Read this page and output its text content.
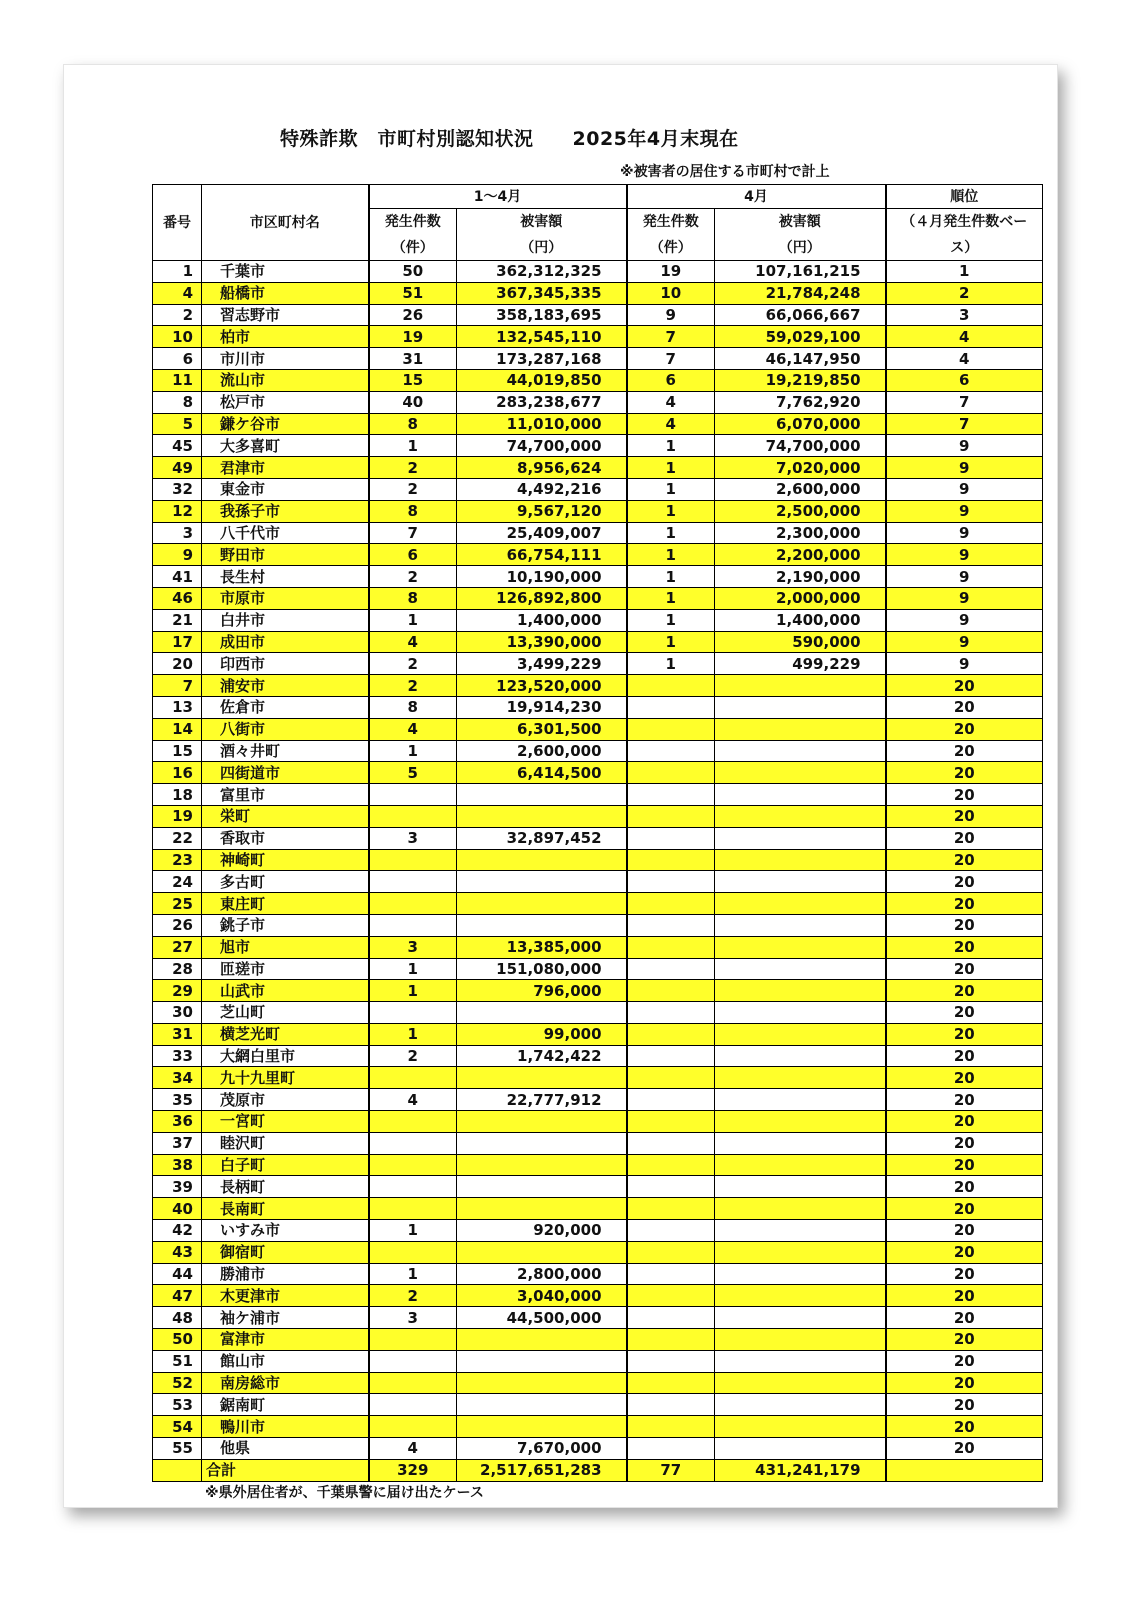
特殊詐欺　市町村別認知状況　　2025年4月末現在
※被害者の居住する市町村で計上
番号	市区町村名	1～4月		4月		順位
		発生件数	被害額	発生件数	被害額	（４月発生件数ベー
		（件）	（円）	（件）	（円）	ス）
1	千葉市	50	362,312,325	19	107,161,215	1
4	船橋市	51	367,345,335	10	21,784,248	2
2	習志野市	26	358,183,695	9	66,066,667	3
10	柏市	19	132,545,110	7	59,029,100	4
6	市川市	31	173,287,168	7	46,147,950	4
11	流山市	15	44,019,850	6	19,219,850	6
8	松戸市	40	283,238,677	4	7,762,920	7
5	鎌ケ谷市	8	11,010,000	4	6,070,000	7
45	大多喜町	1	74,700,000	1	74,700,000	9
49	君津市	2	8,956,624	1	7,020,000	9
32	東金市	2	4,492,216	1	2,600,000	9
12	我孫子市	8	9,567,120	1	2,500,000	9
3	八千代市	7	25,409,007	1	2,300,000	9
9	野田市	6	66,754,111	1	2,200,000	9
41	長生村	2	10,190,000	1	2,190,000	9
46	市原市	8	126,892,800	1	2,000,000	9
21	白井市	1	1,400,000	1	1,400,000	9
17	成田市	4	13,390,000	1	590,000	9
20	印西市	2	3,499,229	1	499,229	9
7	浦安市	2	123,520,000			20
13	佐倉市	8	19,914,230			20
14	八街市	4	6,301,500			20
15	酒々井町	1	2,600,000			20
16	四街道市	5	6,414,500			20
18	富里市					20
19	栄町					20
22	香取市	3	32,897,452			20
23	神崎町					20
24	多古町					20
25	東庄町					20
26	銚子市					20
27	旭市	3	13,385,000			20
28	匝瑳市	1	151,080,000			20
29	山武市	1	796,000			20
30	芝山町					20
31	横芝光町	1	99,000			20
33	大網白里市	2	1,742,422			20
34	九十九里町					20
35	茂原市	4	22,777,912			20
36	一宮町					20
37	睦沢町					20
38	白子町					20
39	長柄町					20
40	長南町					20
42	いすみ市	1	920,000			20
43	御宿町					20
44	勝浦市	1	2,800,000			20
47	木更津市	2	3,040,000			20
48	袖ケ浦市	3	44,500,000			20
50	富津市					20
51	館山市					20
52	南房総市					20
53	鋸南町					20
54	鴨川市					20
55	他県	4	7,670,000			20
	合計	329	2,517,651,283	77	431,241,179	
※県外居住者が、千葉県警に届け出たケース
